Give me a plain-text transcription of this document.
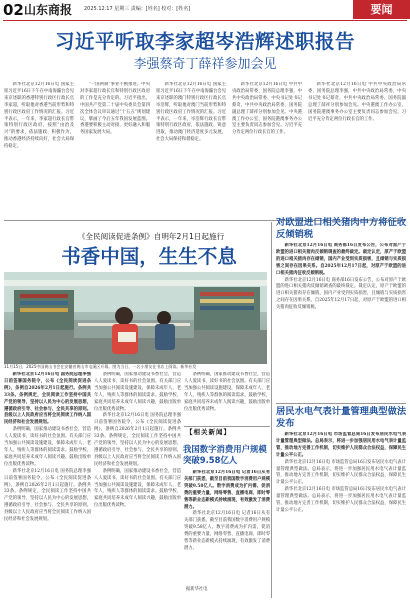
02 山东商报 2025.12.17 星期三 责编：[姓名] 校对：[姓名]	要闻
习近平听取李家超岑浩辉述职报告
李强蔡奇丁薛祥参加会见

新华社北京12月16日电 国家主席习近平16日下午在中南海瀛台会见来京述职的香港特别行政区行政长官李家超，听取他对香港当前形势和特别行政区政府工作情况的汇报。习近平表示，一年来，李家超行政长官带领特别行政区政府，按照“由治及兴”的要求，依法施政、积极作为，推动香港经济持续向好，社会大局保持稳定。

“一国两制”事业不断推进。中央对李家超行政长官和特别行政区政府的工作是充分肯定的。习近平指出，中国共产党第二十届中央委员会第四次全体会议审议通过“十五五”规划建议，擘画了今后五年我国发展蓝图。香港要积极主动对接，更好融入和服务国家发展大局。

新华社北京12月16日电 国家主席习近平16日下午在中南海瀛台会见来京述职的澳门特别行政区行政长官岑浩辉，听取他对澳门当前形势和特别行政区政府工作情况的汇报。习近平表示，一年来，岑浩辉行政长官带领特别行政区政府，依法施政、锐意进取，推动澳门经济适度多元发展，社会大局保持和谐稳定。

新华社北京12月16日电 中共中央政治局常委、国务院总理李强，中共中央政治局常委、中央书记处书记蔡奇，中共中央政治局常委、国务院副总理丁薛祥分别参加会见。中央港澳工作办公室、国务院港澳事务办公室主要负责同志参加会见。习近平充分肯定两位行政长官的工作。

新华社北京12月16日电 中共中央政治局常委、国务院总理李强，中共中央政治局常委、中央书记处书记蔡奇，中共中央政治局常委、国务院副总理丁薛祥分别参加会见。中央港澳工作办公室、国务院港澳事务办公室主要负责同志参加会见。习近平充分肯定两位行政长官的工作。

《全民阅读促进条例》自明年2月1日起施行
书香中国，生生不息
11月15日，2025中国黄山书会在安徽省黄山市屯溪区开幕。图为当日，一名小朋友在书店上阅读。新华社发

新华社北京12月16日电 国务院总理李强日前签署国务院令，公布《全民阅读促进条例》，条例自2026年2月1日起施行。条例共33条。条例规定，全民阅读工作坚持中国共产党的领导，坚持以人民为中心的发展思想，遵循政府引导、社会参与、全民共享的原则。县级以上人民政府应当将全民阅读工作纳入国民经济和社会发展规划。

条例明确，国家推动建设书香社会，营造人人爱读书、读好书的社会氛围。有关部门应当加强公共阅读设施建设，保障未成年人、老年人、残疾人等群体的阅读需求。鼓励学校、家庭共同培养未成年人阅读兴趣，鼓励出版单位出版优秀读物。

新华社北京12月16日电 国务院总理李强日前签署国务院令，公布《全民阅读促进条例》，条例自2026年2月1日起施行。条例共33条。条例规定，全民阅读工作坚持中国共产党的领导，坚持以人民为中心的发展思想，遵循政府引导、社会参与、全民共享的原则。县级以上人民政府应当将全民阅读工作纳入国民经济和社会发展规划。

条例明确，国家推动建设书香社会，营造人人爱读书、读好书的社会氛围。有关部门应当加强公共阅读设施建设，保障未成年人、老年人、残疾人等群体的阅读需求。鼓励学校、家庭共同培养未成年人阅读兴趣，鼓励出版单位出版优秀读物。

新华社北京12月16日电 国务院总理李强日前签署国务院令，公布《全民阅读促进条例》，条例自2026年2月1日起施行。条例共33条。条例规定，全民阅读工作坚持中国共产党的领导，坚持以人民为中心的发展思想，遵循政府引导、社会参与、全民共享的原则。县级以上人民政府应当将全民阅读工作纳入国民经济和社会发展规划。

条例明确，国家推动建设书香社会，营造人人爱读书、读好书的社会氛围。有关部门应当加强公共阅读设施建设，保障未成年人、老年人、残疾人等群体的阅读需求。鼓励学校、家庭共同培养未成年人阅读兴趣，鼓励出版单位出版优秀读物。

条例明确，国家推动建设书香社会，营造人人爱读书、读好书的社会氛围。有关部门应当加强公共阅读设施建设，保障未成年人、老年人、残疾人等群体的阅读需求。鼓励学校、家庭共同培养未成年人阅读兴趣，鼓励出版单位出版优秀读物。

【相关新闻】
我国数字消费用户规模突破9.58亿人

新华社北京12月16日电 记者16日从有关部门获悉，截至目前我国数字消费用户规模突破9.58亿人。数字消费成为扩内需、促消费的重要力量，网络零售、直播电商、即时零售等新业态新模式持续涌现，有效激发了消费潜力。

新华社北京12月16日电 记者16日从有关部门获悉，截至目前我国数字消费用户规模突破9.58亿人。数字消费成为扩内需、促消费的重要力量，网络零售、直播电商、即时零售等新业态新模式持续涌现，有效激发了消费潜力。

据新华社电
对欧盟进口相关猪肉中方将征收反倾销税

新华社北京12月16日电 商务部16日发布公告，公布对原产于欧盟的进口相关猪肉反倾销调查的最终裁定。裁定认定，原产于欧盟的进口相关猪肉存在倾销，国内产业受到实质损害，且倾销与实质损害之间存在因果关系。自2025年12月17日起，对原产于欧盟的进口相关猪肉征收反倾销税。

新华社北京12月16日电 商务部16日发布公告，公布对原产于欧盟的进口相关猪肉反倾销调查的最终裁定。裁定认定，原产于欧盟的进口相关猪肉存在倾销，国内产业受到实质损害，且倾销与实质损害之间存在因果关系。自2025年12月17日起，对原产于欧盟的进口相关猪肉征收反倾销税。

居民水电气表计量管理典型做法发布

新华社北京12月16日电 市场监管总局16日发布居民水电气表计量管理典型做法。总局表示，将进一步加强居民用水电气表计量监管，推动地方完善工作机制，切实维护人民群众合法权益，保障民生计量公平公正。

新华社北京12月16日电 市场监管总局16日发布居民水电气表计量管理典型做法。总局表示，将进一步加强居民用水电气表计量监管，推动地方完善工作机制，切实维护人民群众合法权益，保障民生计量公平公正。

新华社北京12月16日电 市场监管总局16日发布居民水电气表计量管理典型做法。总局表示，将进一步加强居民用水电气表计量监管，推动地方完善工作机制，切实维护人民群众合法权益，保障民生计量公平公正。
